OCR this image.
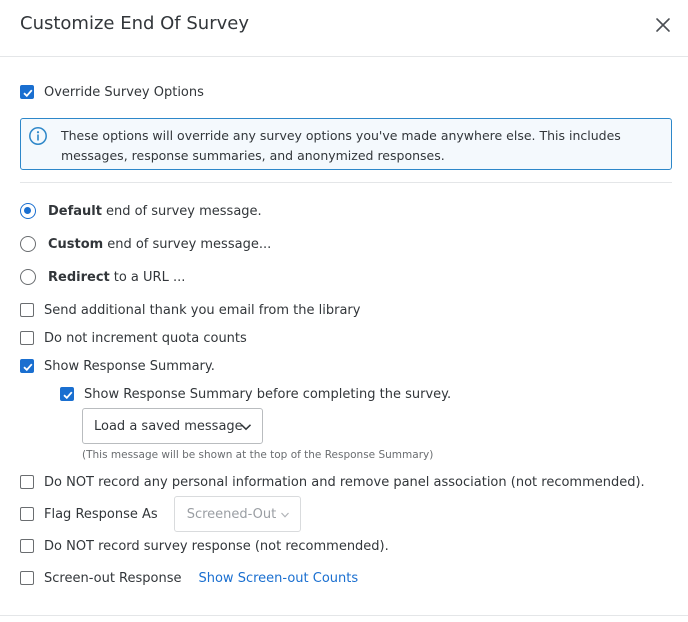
Customize End Of Survey
Override Survey Options
These options will override any survey options you've made anywhere else. This includes messages, response summaries, and anonymized responses.
Default end of survey message.
Custom end of survey message...
Redirect to a URL ...
Send additional thank you email from the library
Do not increment quota counts
Show Response Summary.
Show Response Summary before completing the survey.
Load a saved message
(This message will be shown at the top of the Response Summary)
Do NOT record any personal information and remove panel association (not recommended).
Flag Response As Screened-Out
Do NOT record survey response (not recommended).
Screen-out Response Show Screen-out Counts
